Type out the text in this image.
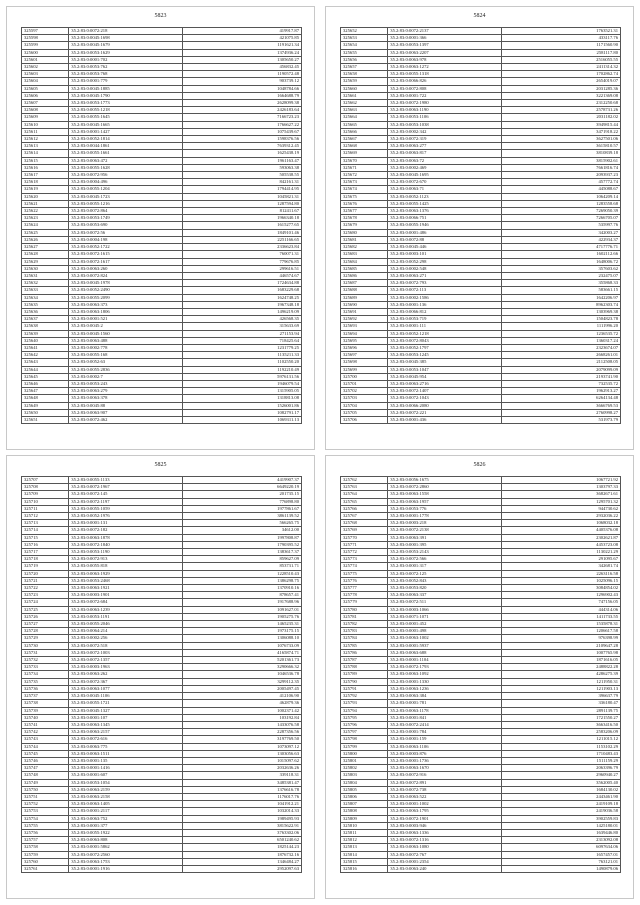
5823
325597	35.2:83:0:0072:218	419917.87
325598	35.2:83:0:0045:1698	421075.85
325599	35.2:83:0:0045:1679	1191621.34
325600	35.2:83:0:0053:1629	1374936.24
325601	35.2:83:0:0001:702	1305650.27
325602	35.2:83:0:0053:762	456832.45
325603	35.2:83:0:0053:768	1190572.48
325604	35.2:83:0:0001:779	903739.12
325605	35.2:83:0:0045:1885	1048784.66
325606	35.2:83:0:0045:1790	1664688.79
325607	35.2:83:0:0053:1773	2628099.38
325608	35.2:83:0:0055:1218	2426183.64
325609	35.2:83:0:0055:1645	7166723.23
325610	35.2:83:0:0045:1665	1766627.22
325611	35.2:83:0:0001:1427	1075439.67
325612	35.2:83:0:0052:1814	1598376.56
325613	35.2:83:0:0044:1861	7639312.45
325614	35.2:83:0:0055:1661	1625438.19
325615	35.2:83:0:0063:472	1961163.47
325616	35.2:83:0:0055:1628	593063.38
325617	35.2:83:0:0072:956	505538.55
325618	35.2:83:0:0004:496	842161.31
325619	35.2:83:0:0055:1204	1794414.95
325620	35.2:83:0:0045:1723	1045821.31
325621	35.2:83:0:0055:1216	1287594.80
325622	35.2:83:0:0072:864	812411.67
325623	35.2:83:0:0053:1749	1966340.18
325624	35.2:83:0:0053:690	1615277.65
325625	35.2:83:0:0072:56	1849101.46
325626	35.2:83:0:0004:198	2251166.65
325627	35.2:83:0:0052:1722	2336623.84
325628	35.2:83:0:0072:1615	760071.31
325629	35.2:83:0:0072:1617	779676.85
325630	35.2:83:0:0063:260	299616.51
325631	35.2:83:0:0072:824	446574.67
325632	35.2:83:0:0045:1978	1724634.88
325633	35.2:83:0:0052:2490	1683229.68
325634	35.2:83:0:0055:2099	1624748.25
325635	35.2:83:0:0063:373	1967348.18
325636	35.2:83:0:0063:1806	1496219.09
325637	35.2:83:0:0001:521	426568.35
325638	35.2:83:0:0045:2	315633.69
325639	35.2:83:0:0045:1560	271153.94
325640	35.2:83:0:0063:488	718425.64
325641	35.2:83:0:0002:778	1231779.25
325642	35.2:83:0:0055:168	1135211.33
325643	35.2:83:0:0052:63	1102550.20
325644	35.2:83:0:0055:2836	1192210.49
325645	35.2:83:0:0002:7	5976131.56
325646	35.2:83:0:0053:243	1946079.54
325647	35.2:83:0:0063:279	1315905.05
325648	35.2:83:0:0063:378	1318813.08
325649	35.2:83:0:0045:88	1526001.86
325650	35.2:83:0:0063:907	1082791.17
325651	35.2:83:0:0072:462	1069311.13
5824
325652	35.2:83:0:0072:2137	1763521.31
325653	35.2:83:0:0001:366	433117.76
325654	35.2:83:0:0053:1397	1171560.90
325655	35.2:83:0:0063:2207	2581117.80
325656	35.2:83:0:0063:978	2516055.55
325657	35.2:83:0:0063:1272	2411314.32
325658	35.2:83:0:0055:1318	1702862.74
325659	35.2:83:0:0066:826	2654019.07
325660	35.2:83:0:0072:808	2031285.36
325661	35.2:83:0:0001:722	3221369.08
325662	35.2:83:0:0072:1980	2312250.68
325663	35.2:83:0:0063:1190	2578731.26
325664	35.2:83:0:0053:1106	2031182.02
325665	35.2:83:0:0053:1038	3949815.44
325666	35.2:83:0:0002:342	3471918.22
325667	35.2:83:0:0072:319	3627501.06
325668	35.2:83:0:0063:277	3615810.57
325669	35.2:83:0:0063:817	3810839.18
325670	35.2:83:0:0063:72	3815902.61
325671	35.2:83:0:0002:469	7661816.74
325672	35.2:83:0:0045:1695	2093937.23
325673	35.2:83:0:0072:670	457772.74
325674	35.2:83:0:0063:71	445088.67
325675	35.2:83:0:0052:1123	1064209.14
325676	35.2:83:0:0055:1425	1283558.68
325677	35.2:83:0:0063:1376	7269050.39
325678	35.2:83:0:0066:751	7266705.07
325679	35.2:83:0:0055:1946	535997.76
325680	35.2:83:0:0001:486	342003.27
325681	35.2:83:0:0072:88	422934.37
325682	35.2:83:0:0045:446	4717776.71
325683	35.2:83:0:0003:101	1602112.66
325684	35.2:83:0:0052:298	1648006.72
325685	35.2:83:0:0002:548	357603.62
325686	35.2:83:0:0063:271	232475.07
325687	35.2:83:0:0072:793	355868.33
325688	35.2:83:0:0072:113	583661.15
325689	35.2:83:0:0002:1586	1642206.97
325690	35.2:83:0:0001:136	8962303.74
325691	35.2:83:0:0066:812	1303969.38
325692	35.2:83:0:0053:719	1504823.78
325693	35.2:83:0:0001:111	1111996.20
325694	35.2:83:0:0052:1218	1236535.72
325695	35.2:83:0:0072:8043	1360317.24
325696	35.2:83:0:0052:1797	2323674.07
325697	35.2:83:0:0053:1245	2668261.01
325698	35.2:83:0:0045:385	2112508.05
325699	35.2:83:0:0053:1047	2079099.09
325700	35.2:83:0:0045:954	2193741.90
325701	35.2:83:0:0063:2716	732535.72
325702	35.2:83:0:0072:1407	1962913.27
325703	35.2:83:0:0072:1043	6264134.48
325704	35.2:83:0:0066:2080	3666769.53
325705	35.2:83:0:0072:221	2760998.27
325706	35.2:83:0:0001:436	531973.79
5825
325707	35.2:83:0:0055:1133	4419907.37
325708	35.2:83:0:0072:1967	6649220.19
325709	35.2:83:0:0072:145	201735.15
325710	35.2:83:0:0072:1197	776898.80
325711	35.2:83:0:0055:1059	1977861.67
325712	35.2:83:0:0052:1976	3861139.52
325713	35.2:83:0:0001:131	566265.75
325714	35.2:83:0:0072:182	34612.00
325715	35.2:83:0:0063:1878	1997808.87
325716	35.2:83:0:0072:1840	1790395.52
325717	35.2:83:0:0053:1190	1383617.37
325718	35.2:83:0:0072:913	859627.09
325719	35.2:83:0:0055:818	853731.71
325720	35.2:83:0:0063:1929	1228510.43
325721	35.2:83:0:0053:2468	1386298.75
325722	35.2:83:0:0063:1921	1370910.16
325723	35.2:83:0:0003:1901	878657.41
325724	35.2:83:0:0072:684	1917688.96
325725	35.2:83:0:0063:1239	1091627.01
325726	35.2:83:0:0053:1191	1905275.76
325727	35.2:83:0:0055:2046	1465235.31
325728	35.2:83:0:0064:214	1973175.15
325729	35.2:83:0:0002:256	1306088.10
325730	35.2:83:0:0072:518	1076733.09
325731	35.2:83:0:0072:1003	4165874.71
325732	35.2:83:0:0072:1357	5201361.73
325733	35.2:83:0:0003:1963	3290666.32
325734	35.2:83:0:0063:262	1046536.78
325735	35.2:83:0:0072:367	3299112.35
325736	35.2:83:0:0063:1077	2005497.45
325737	35.2:83:0:0045:1106	412106.90
325738	35.2:83:0:0055:1721	462879.36
325739	35.2:83:0:0045:1327	1002371.42
325740	35.2:83:0:0001:107	103192.84
325741	35.2:83:0:0063:1345	1433076.58
325742	35.2:83:0:0063:2157	2287356.56
325743	35.2:83:0:0072:616	3197769.50
325744	35.2:83:0:0063:775	1073097.12
325745	35.2:83:0:0063:1511	1303056.63
325746	35.2:83:0:0001:135	1015097.62
325747	35.2:83:0:0001:1416	2032636.26
325748	35.2:83:0:0001:607	339118.31
325749	35.2:83:0:0053:1054	3485381.47
325750	35.2:83:0:0063:2159	1376616.78
325751	35.2:83:0:0063:2158	1176017.76
325752	35.2:83:0:0063:1405	1041912.21
325753	35.2:83:0:0001:2117	1032014.33
325754	35.2:83:0:0063:752	1989495.93
325755	35.2:83:0:0001:377	3815622.91
325756	35.2:83:0:0055:1922	3763302.06
325757	35.2:83:0:0063:808	6501240.62
325758	35.2:83:0:0001:5862	1825144.23
325759	35.2:83:0:0072:2560	1876732.16
325760	35.2:83:0:0063:1753	1346484.27
325761	35.2:83:0:0001:1916	2952097.63
5826
325762	35.2:83:0:0056:1675	1067721.92
325763	35.2:83:0:0072:2860	1303797.33
325764	35.2:83:0:0063:1558	3682671.61
325765	35.2:83:0:0063:1957	1295701.32
325766	35.2:83:0:0053:776	944730.62
325767	35.2:83:0:0001:1778	2932036.22
325768	35.2:83:0:0003:218	1068032.18
325769	35.2:83:0:0072:2138	4405376.08
325770	35.2:83:0:0063:391	2302621.87
325771	35.2:83:0:0001:395	4453723.08
325772	35.2:83:0:0053:2143	1130221.29
325773	35.2:83:0:0072:566	291095.67
325774	35.2:83:0:0001:317	342681.74
325775	35.2:83:0:0072:125	2263116.58
325776	35.2:83:0:0052:843	1025096.15
325777	35.2:83:0:0053:820	3084854.02
325778	35.2:83:0:0063:337	1296902.43
325779	35.2:83:0:0072:511	747156.05
325780	35.2:83:0:0003:1066	444314.06
325781	35.2:83:0:0071:1071	1411733.55
325782	35.2:83:0:0001:452	1535878.31
325783	35.2:83:0:0001:498	1206617.58
325784	35.2:83:0:0063:1002	976398.99
325785	35.2:83:0:0001:5937	2109647.28
325786	35.2:83:0:0063:688	1007765.98
325787	35.2:83:0:0001:1104	1871616.05
325788	35.2:83:0:0072:1793	2488822.28
325789	35.2:83:0:0063:1092	4286275.39
325790	35.2:83:0:0001:1330	1211950.31
325791	35.2:83:0:0063:1236	1211903.13
325792	35.2:83:0:0063:384	396637.79
325793	35.2:83:0:0001:781	336180.47
325794	35.2:83:0:0063:1178	2891139.75
325795	35.2:83:0:0001:841	1721550.27
325796	35.2:83:0:0072:2414	3663416.50
325797	35.2:83:0:0001:784	2583206.09
325798	35.2:83:0:0001:159	1211015.12
325799	35.2:83:0:0063:1106	1153102.29
325800	35.2:83:0:0003:876	1710483.43
325801	35.2:83:0:0001:1736	1511159.29
325802	35.2:83:0:0063:1670	2063396.79
325803	35.2:83:0:0072:916	2960940.27
325804	35.2:83:0:0072:891	3562005.40
325805	35.2:83:0:0072:738	1684130.02
325806	35.2:83:0:0063:522	2443461.90
325807	35.2:83:0:0001:1002	2419109.18
325808	35.2:83:0:0063:1795	2419036.58
325809	35.2:83:0:0072:1901	3902559.83
325810	35.2:83:0:0003:946	1425180.01
325811	35.2:83:0:0063:1336	1639446.80
325812	35.2:83:0:0072:1316	2313092.08
325813	35.2:83:0:0063:1080	6097634.06
325814	35.2:83:0:0072:767	1657457.01
325815	35.2:83:0:0001:2354	763121.01
325816	35.2:83:0:0063:240	1490879.06
